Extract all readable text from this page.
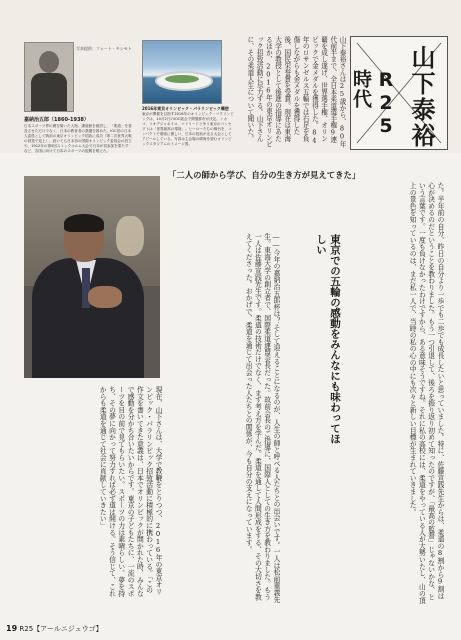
写真提供：フォート・キシモト
嘉納治五郎（1860-1938）
日本スポーツ界の礎を築いた人物。講道館を創設し、「柔道」を普及させただけでなく、日本の教育者の基盤を固めた。IOC初の日本人委員として戦前の東京オリンピック招致に成功（第二次世界大戦の勃発で返上）。続いても日本初の国際オリンピック委員会の設立や、1912年の第5回ストックホルム大会で日本が初参加を果たすなど、各国に向けて日本のスポーツの振興を唱えた。
2016年東京オリンピック・パラリンピック構想
東京が開催を目指す2016年のオリンピック・パラリンピックは、10月2日のIOC総会で開催都市が決定。シカゴ、リオデジャネイロ、マドリードと争う東京のコンセプトは「世界最高の環境」。ヒーローたちの舞台を、コンパクトで環境に優しい、日本の技術が光る大会としてアピールしている。写真は主会場の晴海を望むオリンピックスタジアムのイメージ図。	山下泰裕さんは25歳から、80年代前半まで、全日本柔道選手権9連覇を成し遂げ、世界選手権、オリンピックで金メダルを獲得した。84年のロサンゼルス五輪では右足を負傷しながらも金メダルを獲得した後、国民栄誉賞を受賞。現在は東海大学の教授として後進の指導にあたるほか、2016年の東京オリンピック招致活動に尽力する。山下さんに、その柔道人生について聞いた。	山下泰裕
R25時代
「二人の師から学び、自分の生き方が見えてきた」
た。半年前の自分、昨日の自分より一歩でも二歩でも成長したいと思っていました。特に、佐藤宣践先生からは、柔道の8割から9割は心が決めるのだということを教わりました。もう一つ引退して、後ろを振り返り初めて知ったのですが、「最高の監督」じゃないかな、という言葉です。一度も負けなかったわけですから、ある意味そうですね。それに私の高校には、柔道をやっている人が大勢いたし、山の頂上の景色を知っているのは、まだ私一人で、当時の私の心の中にも次々と新しい目標が生まれていきました。
東京での五輪の感動をみんなにも味わってほしい
――今年の嘉納治五郎杯は？そして迎えることになるのが、人生の師と呼べる人たちとの出会いです。一人は松前重義先生。東海大学の創立者で、国際柔道連盟会長だった。故前会長のご指導に、国際人としての生き方を教わりました。もう一人は佐藤宣践先生です。柔道の技術だけでなく、まず考え方を学んだ。柔道を通して人間形成をする、その大切さを教えてくださった。おかげで、柔道を通じて出会った人たちとの関係が、今も自分の支えになっています。
現在、山下さんは、大学で教鞭をとりつつ、2016年の東京オリンピック・パラリンピック招致活動に積極的に携わっている。「この作文を書いてきた意義は、日本でオリンピックが開かれた時、みんなで感動を分かち合いたいからです。東京の子どもたちに、一流のスポーツを目の前で見てもらいたい。スポーツの力は素晴らしい。夢を持ち、その夢に向かって努力すれば必ず道は開ける。そう信じて、これからも柔道を通じて社会に貢献していきたい」
19 R25【アールニジュウゴ】
